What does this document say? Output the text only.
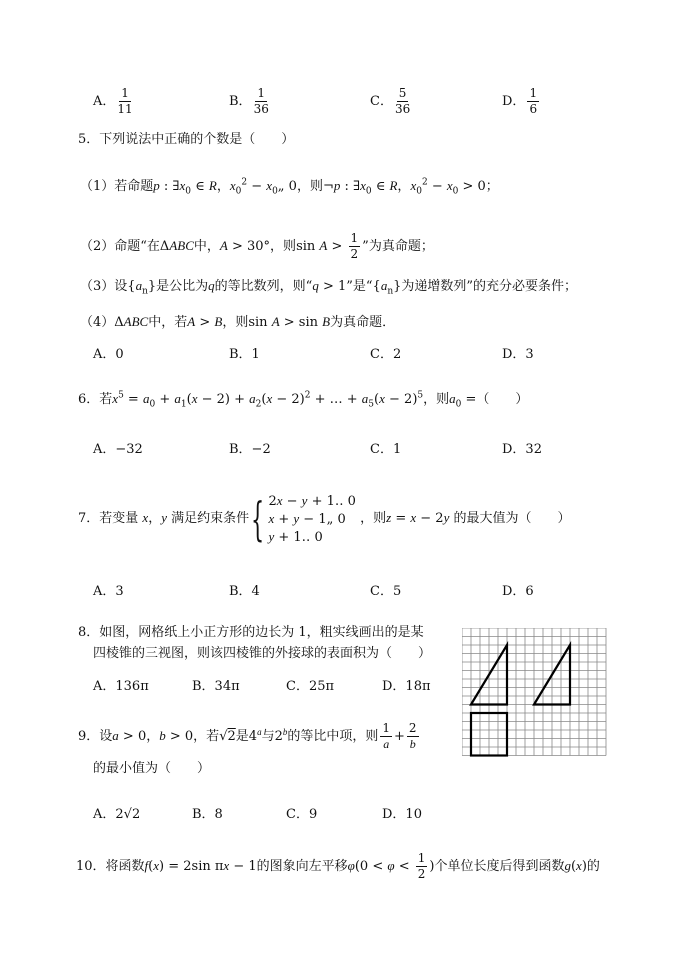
A． $\frac{1}{11}$	B． $\frac{1}{36}$	C． $\frac{5}{36}$	D． $\frac{1}{6}$
5．下列说法中正确的个数是（　　）
（1）若命题p : $\exists x_0$ ∈ R，$x_0^2$ − $x_0„$ 0，则¬p : $\exists x_0$ ∈ R，$x_0^2 - x_0 > 0$；
（2）命题“在ΔABC中，A > 30°，则$\sin A > \frac{1}{2}$ ”为真命题；
（3）设$\{a_n\}$是公比为q的等比数列，则“q > 1”是“$\{a_n\}$为递增数列”的充分必要条件；
（4）ΔABC中，若A > B，则sin A > sin B为真命题．
A．0	B．1	C．2	D．3
6．若$x^5 = a_0 + a_1(x - 2) + a_2(x - 2)^2$ + … + $a_5(x - 2)^5$，则$a_0$ =（　　）
A．−32	B．−2	C．1	D．32
7．若变量 x，y 满足约束条件 { 2x − y + 1‥ 0
x + y − 1„ 0
y + 1‥ 0
，则z = x − 2y 的最大值为（　　）
A．3	B．4	C．5	D．6
8．如图，网格纸上小正方形的边长为 1，粗实线画出的是某
四棱锥的三视图，则该四棱锥的外接球的表面积为（　　）
A．136π	B．34π	C．25π	D．18π
9．设a > 0，b > 0，若√2是4$^a$与2$^b$的等比中项，则 $\frac{1}{a} + \frac{2}{b}$
的最小值为（　　）
A．2√2	B．8	C．9	D．10
10．将函数f(x) = 2sin πx − 1的图象向左平移$\varphi(0 < \varphi < \frac{1}{2}$ )个单位长度后得到函数g(x)的
